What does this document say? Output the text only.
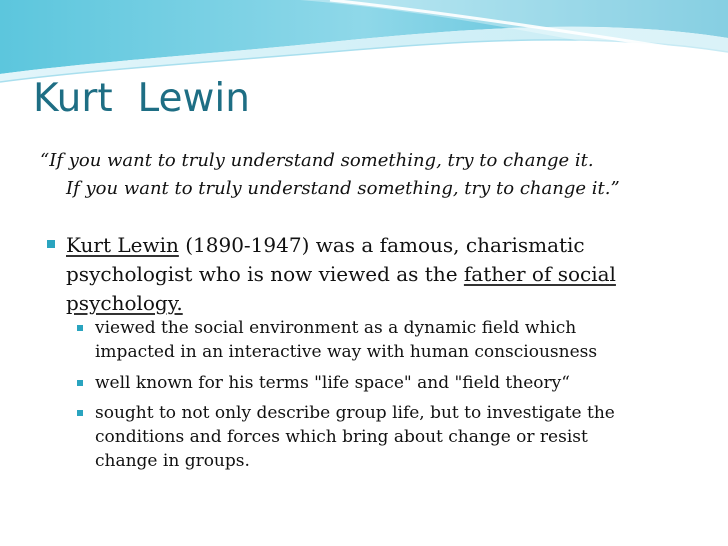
Kurt  Lewin
“If you want to truly understand something, try to change it.
If you want to truly understand something, try to change it.”
Kurt Lewin (1890-1947) was a famous, charismatic
psychologist who is now viewed as the father of social
psychology.
viewed the social environment as a dynamic field which
impacted in an interactive way with human consciousness
well known for his terms "life space" and "field theory“
sought to not only describe group life, but to investigate the
conditions and forces which bring about change or resist
change in groups.
